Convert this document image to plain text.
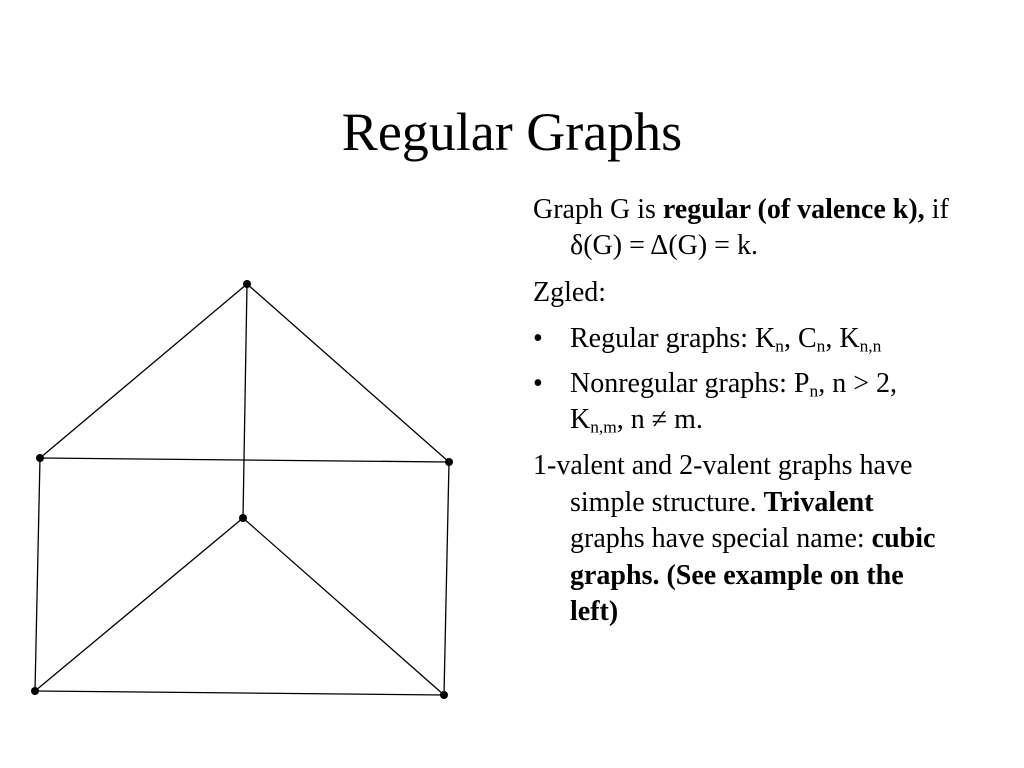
Regular Graphs

Graph G is regular (of valence k), if δ(G) = Δ(G) = k.

Zgled:

• Regular graphs: $K_n$, $C_n$, $K_{n,n}$
• Nonregular graphs: $P_n$, n > 2, $K_{n,m}$, n ≠ m.

1-valent and 2-valent graphs have simple structure. Trivalent graphs have special name: cubic graphs. (See example on the left)
